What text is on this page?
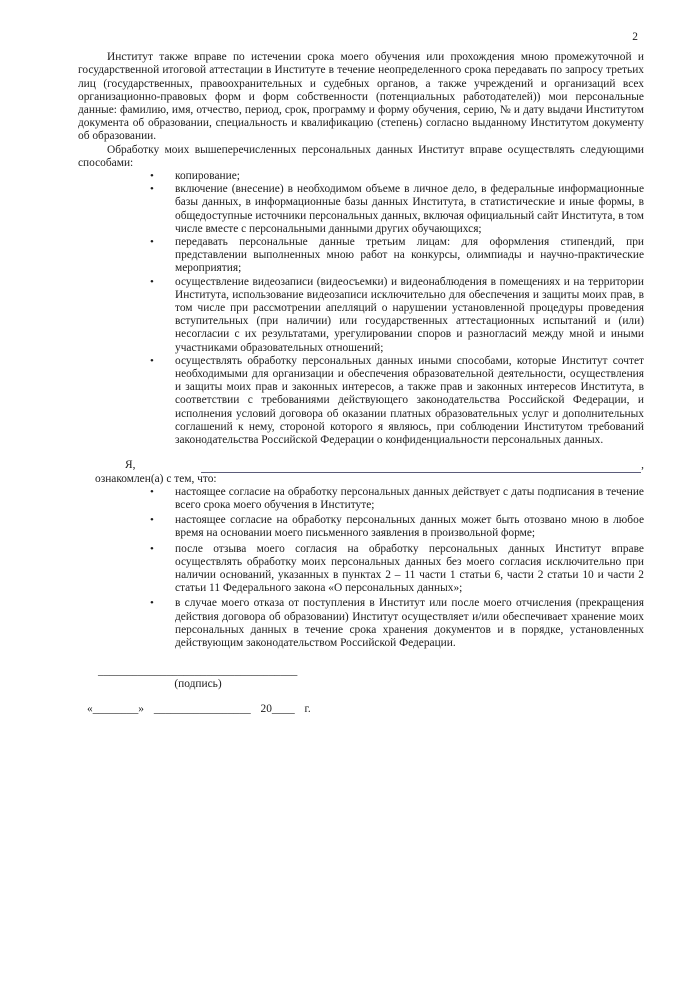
2

Институт также вправе по истечении срока моего обучения или прохождения мною промежуточной и государственной итоговой аттестации в Институте в течение неопределенного срока передавать по запросу третьих лиц (государственных, правоохранительных и судебных органов, а также учреждений и организаций всех организационно-правовых форм и форм собственности (потенциальных работодателей)) мои персональные данные: фамилию, имя, отчество, период, срок, программу и форму обучения, серию, № и дату выдачи Институтом документа об образовании, специальность и квалификацию (степень) согласно выданному Институтом документу об образовании.

Обработку моих вышеперечисленных персональных данных Институт вправе осуществлять следующими способами:

• копирование;
• включение (внесение) в необходимом объеме в личное дело, в федеральные информационные базы данных, в информационные базы данных Института, в статистические и иные формы, в общедоступные источники персональных данных, включая официальный сайт Института, в том числе вместе с персональными данными других обучающихся;
• передавать персональные данные третьим лицам: для оформления стипендий, при представлении выполненных мною работ на конкурсы, олимпиады и научно-практические мероприятия;
• осуществление видеозаписи (видеосъемки) и видеонаблюдения в помещениях и на территории Института, использование видеозаписи исключительно для обеспечения и защиты моих прав, в том числе при рассмотрении апелляций о нарушении установленной процедуры проведения вступительных (при наличии) или государственных аттестационных испытаний и (или) несогласии с их результатами, урегулировании споров и разногласий между мной и иными участниками образовательных отношений;
• осуществлять обработку персональных данных иными способами, которые Институт сочтет необходимыми для организации и обеспечения образовательной деятельности, осуществления и защиты моих прав и законных интересов, а также прав и законных интересов Института, в соответствии с требованиями действующего законодательства Российской Федерации, и исполнения условий договора об оказании платных образовательных услуг и дополнительных соглашений к нему, стороной которого я являюсь, при соблюдении Институтом требований законодательства Российской Федерации о конфиденциальности персональных данных.
Я,	,

ознакомлен(а) с тем, что:

• настоящее согласие на обработку персональных данных действует с даты подписания в течение всего срока моего обучения в Институте;
• настоящее согласие на обработку персональных данных может быть отозвано мною в любое время на основании моего письменного заявления в произвольной форме;
• после отзыва моего согласия на обработку персональных данных Институт вправе осуществлять обработку моих персональных данных без моего согласия исключительно при наличии оснований, указанных в пунктах 2 – 11 части 1 статьи 6, части 2 статьи 10 и части 2 статьи 11 Федерального закона «О персональных данных»;
• в случае моего отказа от поступления в Институт или после моего отчисления (прекращения действия договора об образовании) Институт осуществляет и/или обеспечивает хранение моих персональных данных в течение срока хранения документов и в порядке, установленных действующим законодательством Российской Федерации.
___________________________________
(подпись)
«________» _________________ 20____ г.
